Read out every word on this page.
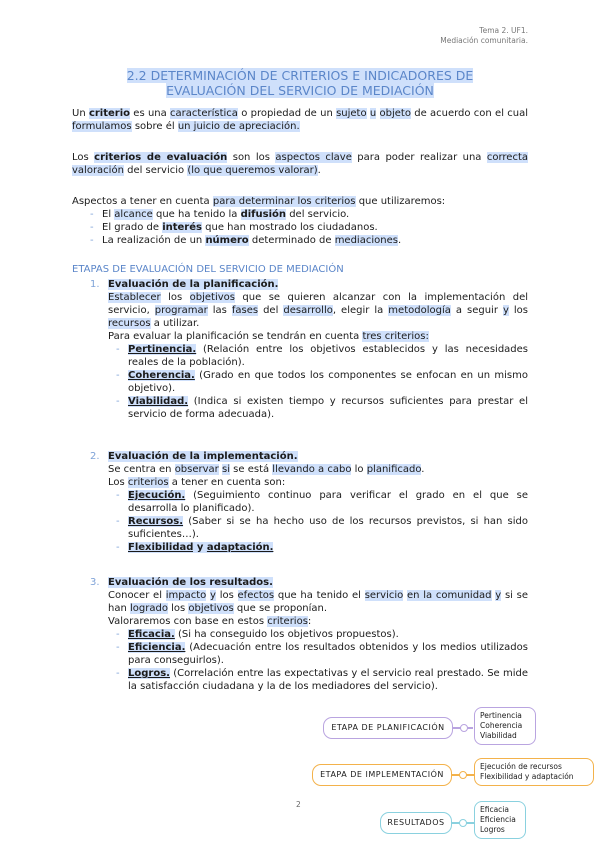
Tema 2. UF1.
Mediación comunitaria.
2.2 DETERMINACIÓN DE CRITERIOS E INDICADORES DE
EVALUACIÓN DEL SERVICIO DE MEDIACIÓN
Un criterio es una característica o propiedad de un sujeto u objeto de acuerdo con el cual formulamos sobre él un juicio de apreciación.
Los criterios de evaluación son los aspectos clave para poder realizar una correcta valoración del servicio (lo que queremos valorar).
Aspectos a tener en cuenta para determinar los criterios que utilizaremos:
- El alcance que ha tenido la difusión del servicio.
- El grado de interés que han mostrado los ciudadanos.
- La realización de un número determinado de mediaciones.
ETAPAS DE EVALUACIÓN DEL SERVICIO DE MEDIACIÓN
1. Evaluación de la planificación.
Establecer los objetivos que se quieren alcanzar con la implementación del servicio, programar las fases del desarrollo, elegir la metodología a seguir y los recursos a utilizar.
Para evaluar la planificación se tendrán en cuenta tres criterios:
- Pertinencia. (Relación entre los objetivos establecidos y las necesidades reales de la población).
- Coherencia. (Grado en que todos los componentes se enfocan en un mismo objetivo).
- Viabilidad. (Indica si existen tiempo y recursos suficientes para prestar el servicio de forma adecuada).
2. Evaluación de la implementación.
Se centra en observar si se está llevando a cabo lo planificado.
Los criterios a tener en cuenta son:
- Ejecución. (Seguimiento continuo para verificar el grado en el que se desarrolla lo planificado).
- Recursos. (Saber si se ha hecho uso de los recursos previstos, si han sido suficientes…).
- Flexibilidad y adaptación.
3. Evaluación de los resultados.
Conocer el impacto y los efectos que ha tenido el servicio en la comunidad y si se han logrado los objetivos que se proponían.
Valoraremos con base en estos criterios:
- Eficacia. (Si ha conseguido los objetivos propuestos).
- Eficiencia. (Adecuación entre los resultados obtenidos y los medios utilizados para conseguirlos).
- Logros. (Correlación entre las expectativas y el servicio real prestado. Se mide la satisfacción ciudadana y la de los mediadores del servicio).
ETAPA DE PLANIFICACIÓN
Pertinencia
Coherencia
Viabilidad
ETAPA DE IMPLEMENTACIÓN
Ejecución de recursos
Flexibilidad y adaptación
RESULTADOS
Eficacia
Eficiencia
Logros
2
